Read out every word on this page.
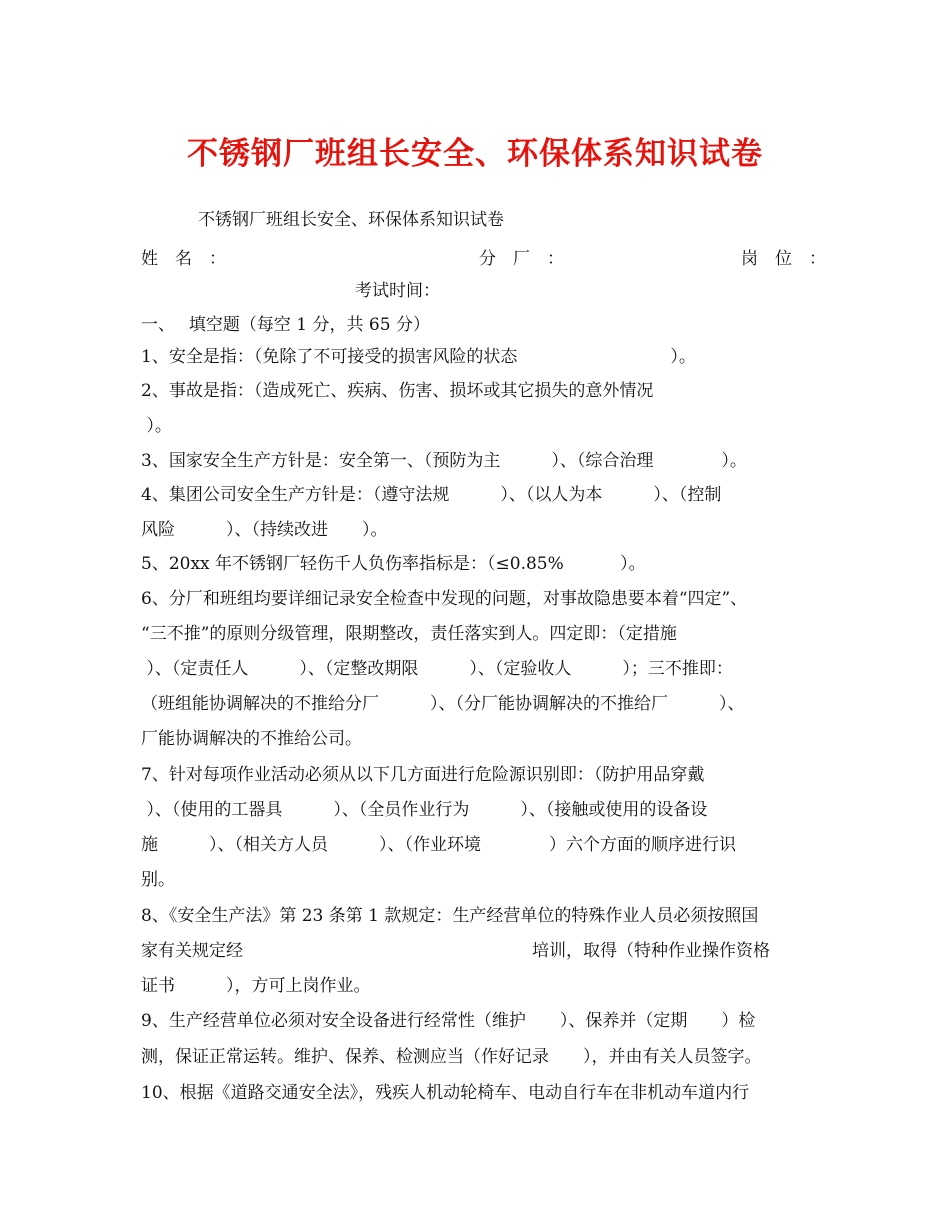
不锈钢厂班组长安全、环保体系知识试卷
不锈钢厂班组长安全、环保体系知识试卷
姓　名　：	分　厂　：	岗　位　：
考试时间：
一、　 填空题（每空 1 分，共 65 分）
1、安全是指：（免除了不可接受的损害风险的状态　　　　　　　　　）。
2、事故是指：（造成死亡、疾病、伤害、损坏或其它损失的意外情况
）。
3、国家安全生产方针是：安全第一、（预防为主　　　）、（综合治理　　　　）。
4、集团公司安全生产方针是：（遵守法规　　　）、（以人为本　　　）、（控制
风险　　　）、（持续改进　　）。
5、20xx 年不锈钢厂轻伤千人负伤率指标是：（≤0.85%　　　 ）。
6、分厂和班组均要详细记录安全检查中发现的问题，对事故隐患要本着“四定”、
“三不推”的原则分级管理，限期整改，责任落实到人。四定即：（定措施
）、（定责任人　　　）、（定整改期限　　　）、（定验收人　　　）；三不推即：
（班组能协调解决的不推给分厂　　　）、（分厂能协调解决的不推给厂　　　）、
厂能协调解决的不推给公司。
7、针对每项作业活动必须从以下几方面进行危险源识别即：（防护用品穿戴
）、（使用的工器具　　　）、（全员作业行为　　　）、（接触或使用的设备设
施　　　）、（相关方人员　　　）、（作业环境　　　　）六个方面的顺序进行识
别。
8、《安全生产法》第 23 条第 1 款规定：生产经营单位的特殊作业人员必须按照国
家有关规定经　　　　　　　　　　　　　　　　　培训，取得（特种作业操作资格
证书　　　），方可上岗作业。
9、生产经营单位必须对安全设备进行经常性（维护　　）、保养并（定期　　）检
测，保证正常运转。维护、保养、检测应当（作好记录　　），并由有关人员签字。
10、根据《道路交通安全法》，残疾人机动轮椅车、电动自行车在非机动车道内行
